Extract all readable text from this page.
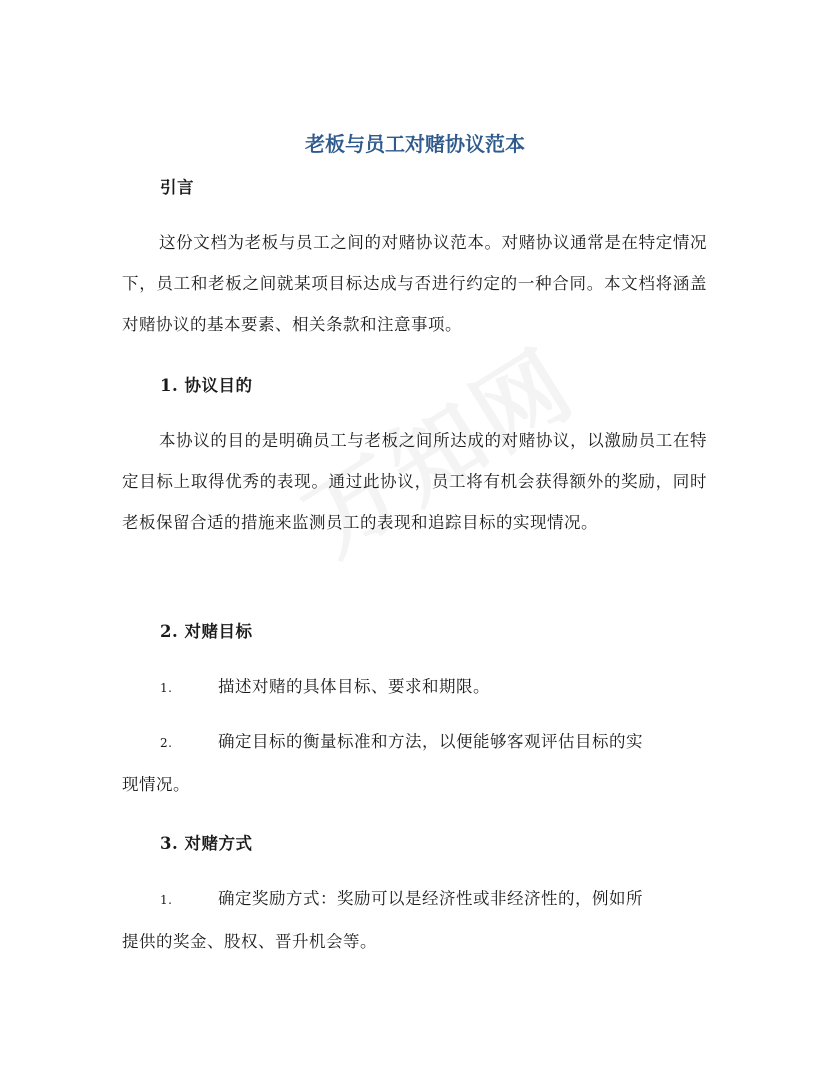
老板与员工对赌协议范本
引言
这份文档为老板与员工之间的对赌协议范本。对赌协议通常是在特定情况下，员工和老板之间就某项目标达成与否进行约定的一种合同。本文档将涵盖对赌协议的基本要素、相关条款和注意事项。
1. 协议目的
本协议的目的是明确员工与老板之间所达成的对赌协议，以激励员工在特定目标上取得优秀的表现。通过此协议，员工将有机会获得额外的奖励，同时老板保留合适的措施来监测员工的表现和追踪目标的实现情况。
2. 对赌目标
1.	描述对赌的具体目标、要求和期限。
2.	确定目标的衡量标准和方法，以便能够客观评估目标的实
现情况。
3. 对赌方式
1.	确定奖励方式：奖励可以是经济性或非经济性的，例如所
提供的奖金、股权、晋升机会等。
